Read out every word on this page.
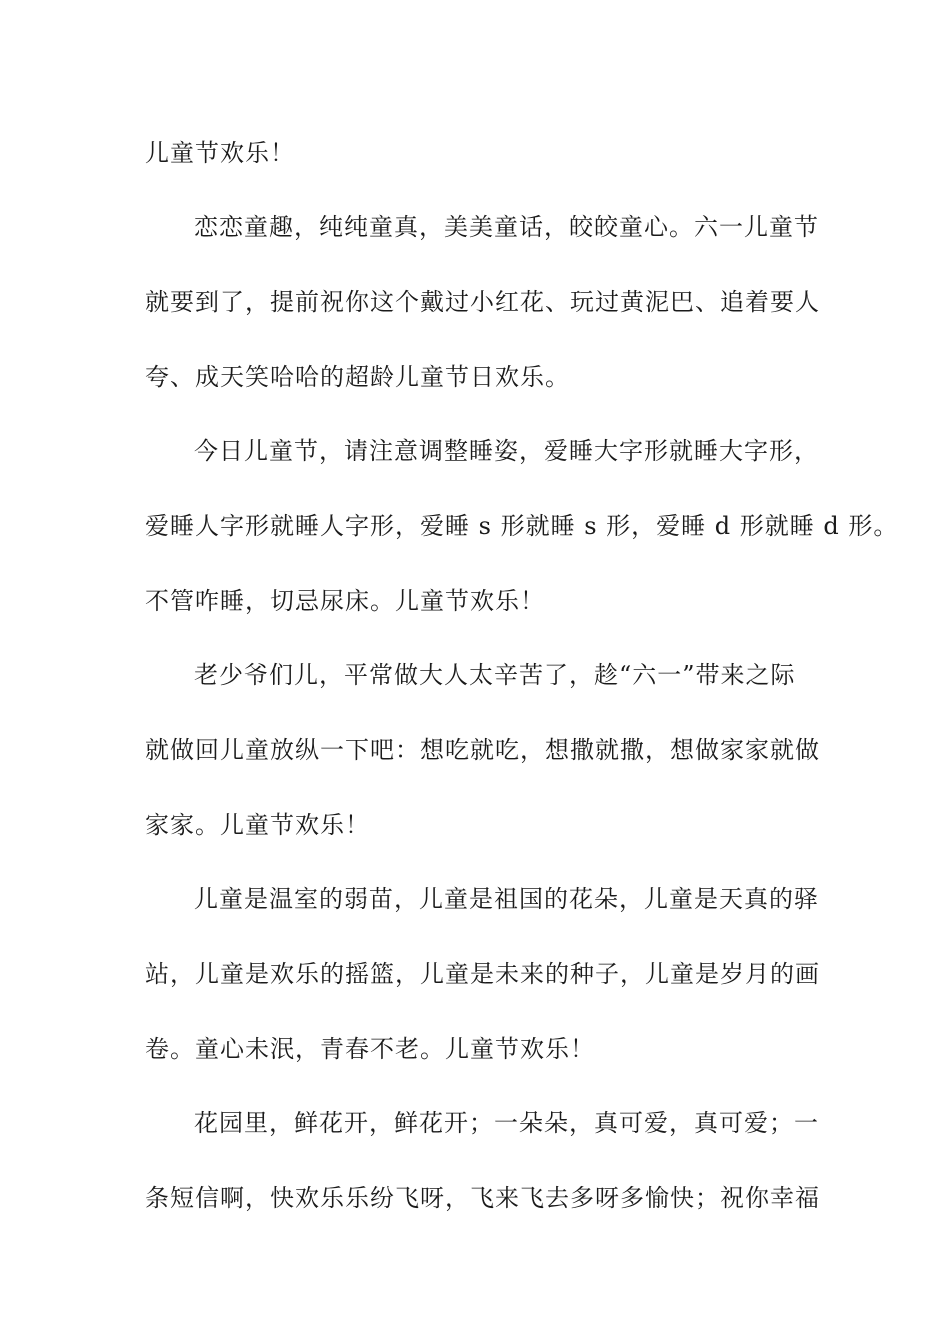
儿童节欢乐！
恋恋童趣，纯纯童真，美美童话，皎皎童心。六一儿童节
就要到了，提前祝你这个戴过小红花、玩过黄泥巴、追着要人
夸、成天笑哈哈的超龄儿童节日欢乐。
今日儿童节，请注意调整睡姿，爱睡大字形就睡大字形，
爱睡人字形就睡人字形，爱睡 s 形就睡 s 形，爱睡 d 形就睡 d 形。
不管咋睡，切忌尿床。儿童节欢乐！
老少爷们儿，平常做大人太辛苦了，趁“六一”带来之际
就做回儿童放纵一下吧：想吃就吃，想撒就撒，想做家家就做
家家。儿童节欢乐！
儿童是温室的弱苗，儿童是祖国的花朵，儿童是天真的驿
站，儿童是欢乐的摇篮，儿童是未来的种子，儿童是岁月的画
卷。童心未泯，青春不老。儿童节欢乐！
花园里，鲜花开，鲜花开；一朵朵，真可爱，真可爱；一
条短信啊，快欢乐乐纷飞呀，飞来飞去多呀多愉快；祝你幸福
